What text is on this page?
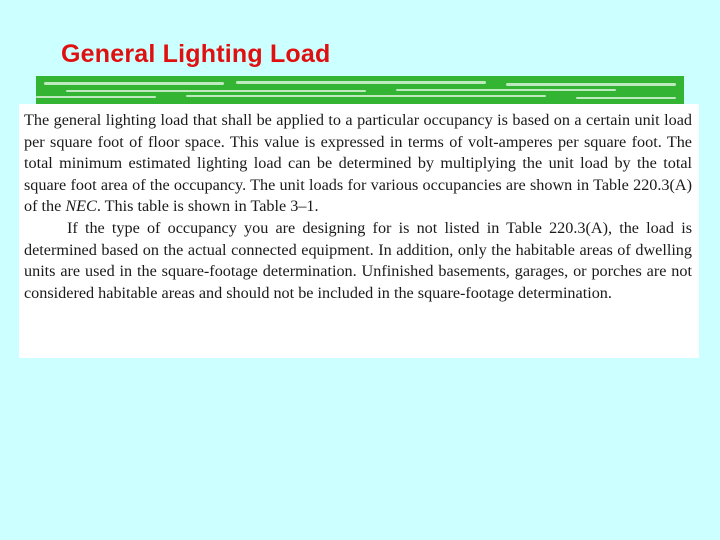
General Lighting Load

The general lighting load that shall be applied to a particular occupancy is based on a certain unit load per square foot of floor space. This value is expressed in terms of volt-amperes per square foot. The total minimum estimated lighting load can be determined by multiplying the unit load by the total square foot area of the occupancy. The unit loads for various occupancies are shown in Table 220.3(A) of the NEC. This table is shown in Table 3–1.

If the type of occupancy you are designing for is not listed in Table 220.3(A), the load is determined based on the actual connected equipment. In addition, only the habitable areas of dwelling units are used in the square-footage determination. Unfinished basements, garages, or porches are not considered habitable areas and should not be included in the square-footage determination.
